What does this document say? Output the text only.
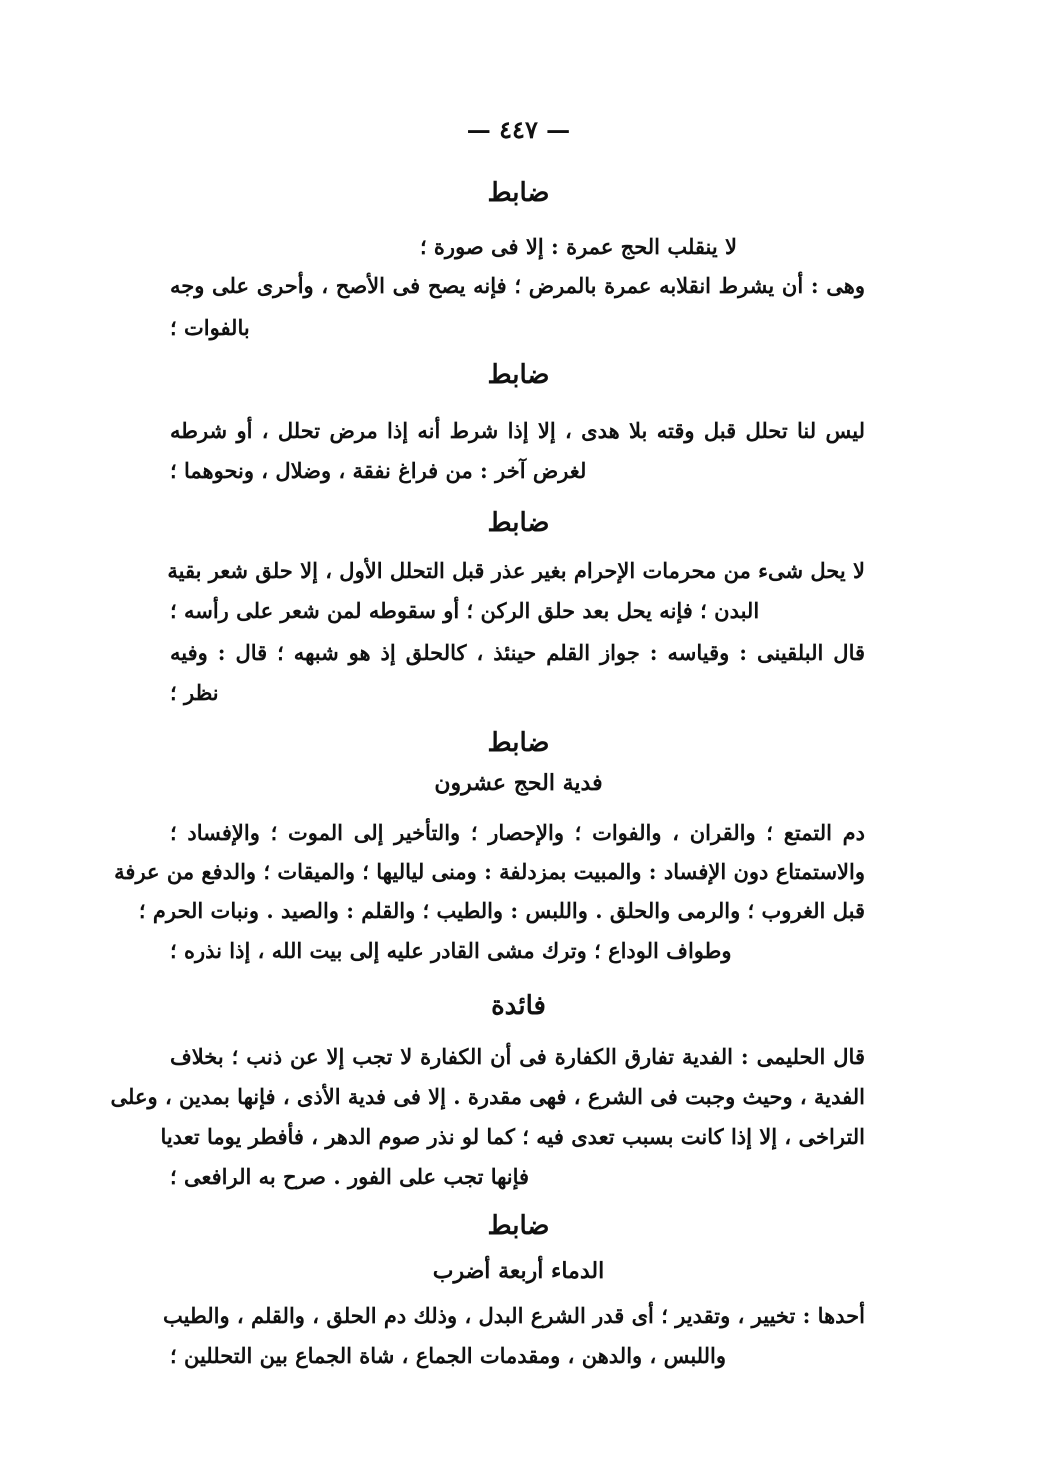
— ٤٤٧ —
ضابط
لا ينقلب الحج عمرة : إلا فى صورة ؛
وهى : أن يشرط انقلابه عمرة بالمرض ؛ فإنه يصح فى الأصح ، وأحرى على وجه
بالفوات ؛
ضابط
ليس لنا تحلل قبل وقته بلا هدى ، إلا إذا شرط أنه إذا مرض تحلل ، أو شرطه
لغرض آخر : من فراغ نفقة ، وضلال ، ونحوهما ؛
ضابط
لا يحل شىء من محرمات الإحرام بغير عذر قبل التحلل الأول ، إلا حلق شعر بقية
البدن ؛ فإنه يحل بعد حلق الركن ؛ أو سقوطه لمن شعر على رأسه ؛
قال البلقينى : وقياسه : جواز القلم حينئذ ، كالحلق إذ هو شبهه ؛ قال : وفيه
نظر ؛
ضابط
فدية الحج عشرون
دم التمتع ؛ والقران ، والفوات ؛ والإحصار ؛ والتأخير إلى الموت ؛ والإفساد ؛
والاستمتاع دون الإفساد : والمبيت بمزدلفة : ومنى لياليها ؛ والميقات ؛ والدفع من عرفة
قبل الغروب ؛ والرمى والحلق . واللبس : والطيب ؛ والقلم : والصيد . ونبات الحرم ؛
وطواف الوداع ؛ وترك مشى القادر عليه إلى بيت الله ، إذا نذره ؛
فائدة
قال الحليمى : الفدية تفارق الكفارة فى أن الكفارة لا تجب إلا عن ذنب ؛ بخلاف
الفدية ، وحيث وجبت فى الشرع ، فهى مقدرة . إلا فى فدية الأذى ، فإنها بمدين ، وعلى
التراخى ، إلا إذا كانت بسبب تعدى فيه ؛ كما لو نذر صوم الدهر ، فأفطر يوما تعديا
فإنها تجب على الفور . صرح به الرافعى ؛
ضابط
الدماء أربعة أضرب
أحدها : تخيير ، وتقدير ؛ أى قدر الشرع البدل ، وذلك دم الحلق ، والقلم ، والطيب
واللبس ، والدهن ، ومقدمات الجماع ، شاة الجماع بين التحللين ؛
